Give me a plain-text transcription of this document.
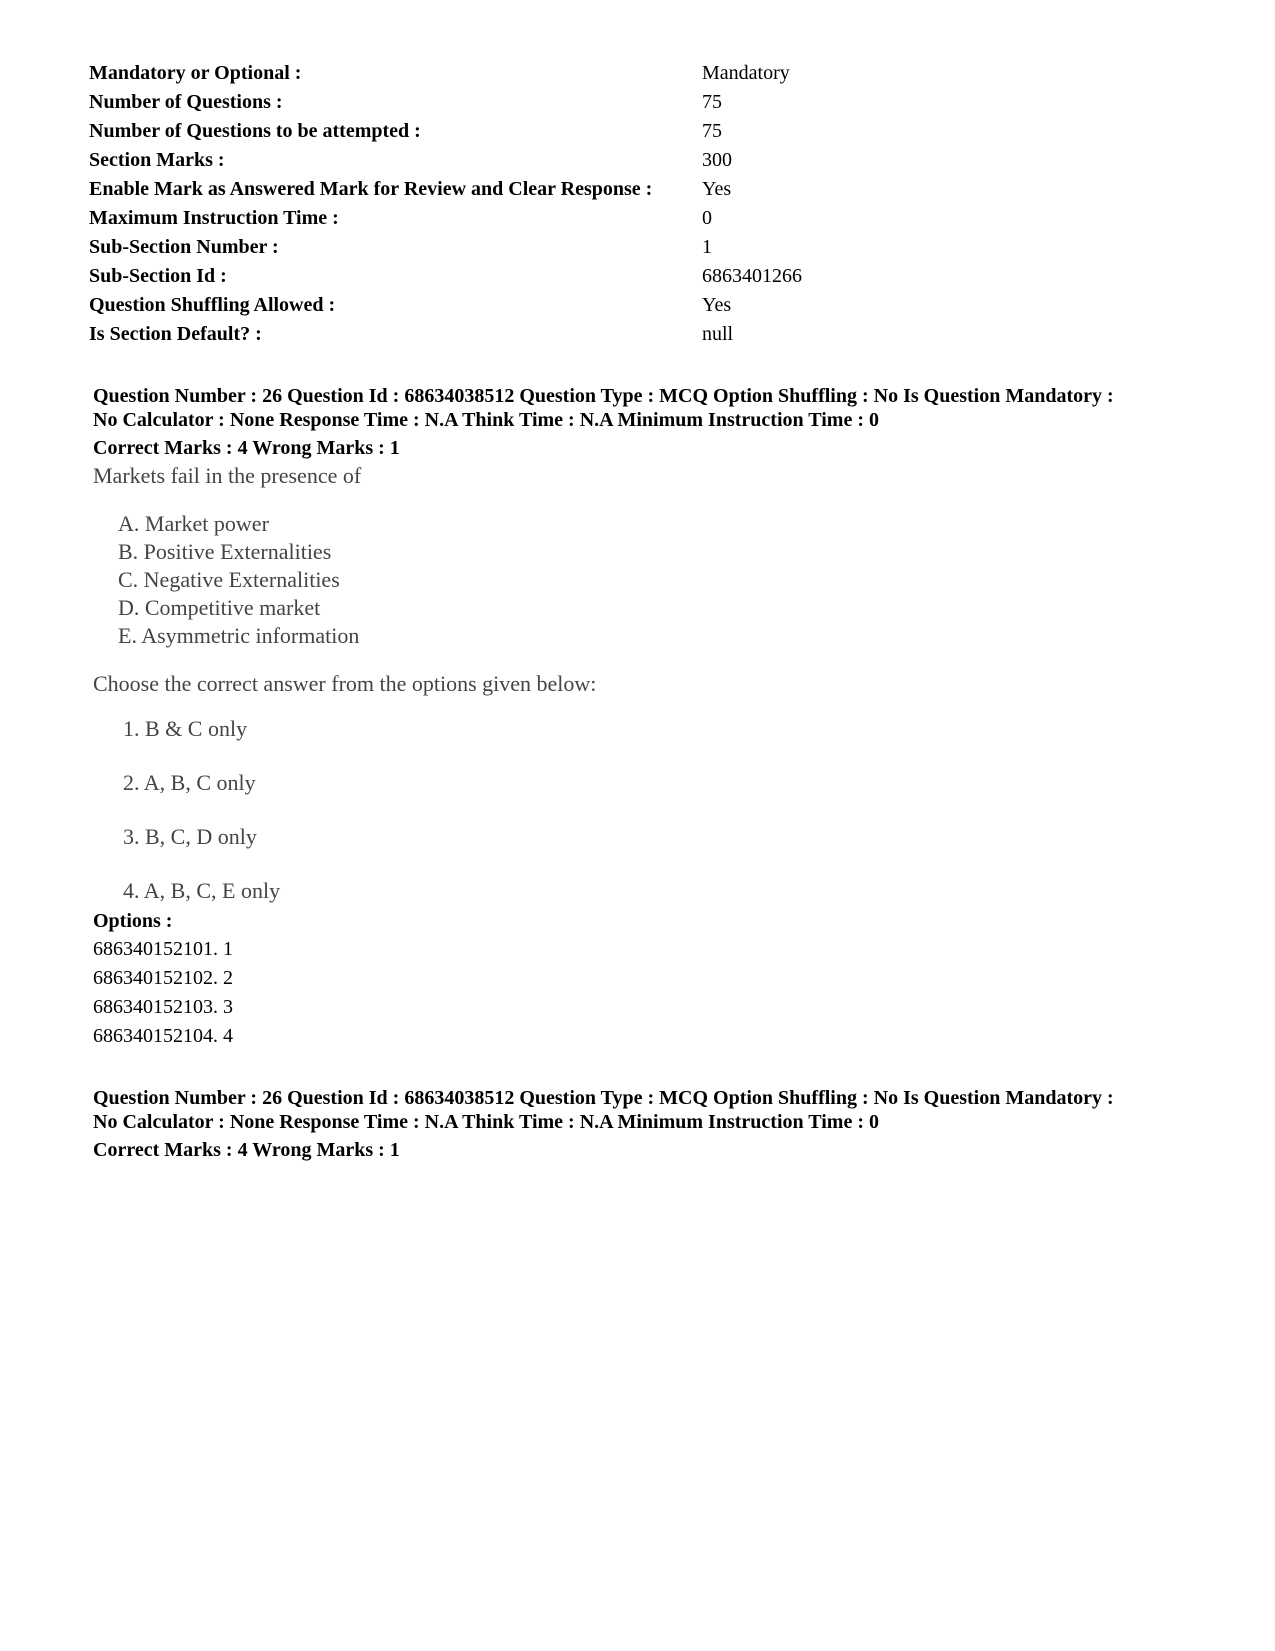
Mandatory or Optional :	Mandatory
Number of Questions :	75
Number of Questions to be attempted :	75
Section Marks :	300
Enable Mark as Answered Mark for Review and Clear Response :	Yes
Maximum Instruction Time :	0
Sub-Section Number :	1
Sub-Section Id :	6863401266
Question Shuffling Allowed :	Yes
Is Section Default? :	null
Question Number : 26 Question Id : 68634038512 Question Type : MCQ Option Shuffling : No Is Question Mandatory :
No Calculator : None Response Time : N.A Think Time : N.A Minimum Instruction Time : 0
Correct Marks : 4 Wrong Marks : 1
Markets fail in the presence of
A. Market power
B. Positive Externalities
C. Negative Externalities
D. Competitive market
E. Asymmetric information
Choose the correct answer from the options given below:
1. B & C only
2. A, B, C only
3. B, C, D only
4. A, B, C, E only
Options :
686340152101. 1
686340152102. 2
686340152103. 3
686340152104. 4
Question Number : 26 Question Id : 68634038512 Question Type : MCQ Option Shuffling : No Is Question Mandatory :
No Calculator : None Response Time : N.A Think Time : N.A Minimum Instruction Time : 0
Correct Marks : 4 Wrong Marks : 1
